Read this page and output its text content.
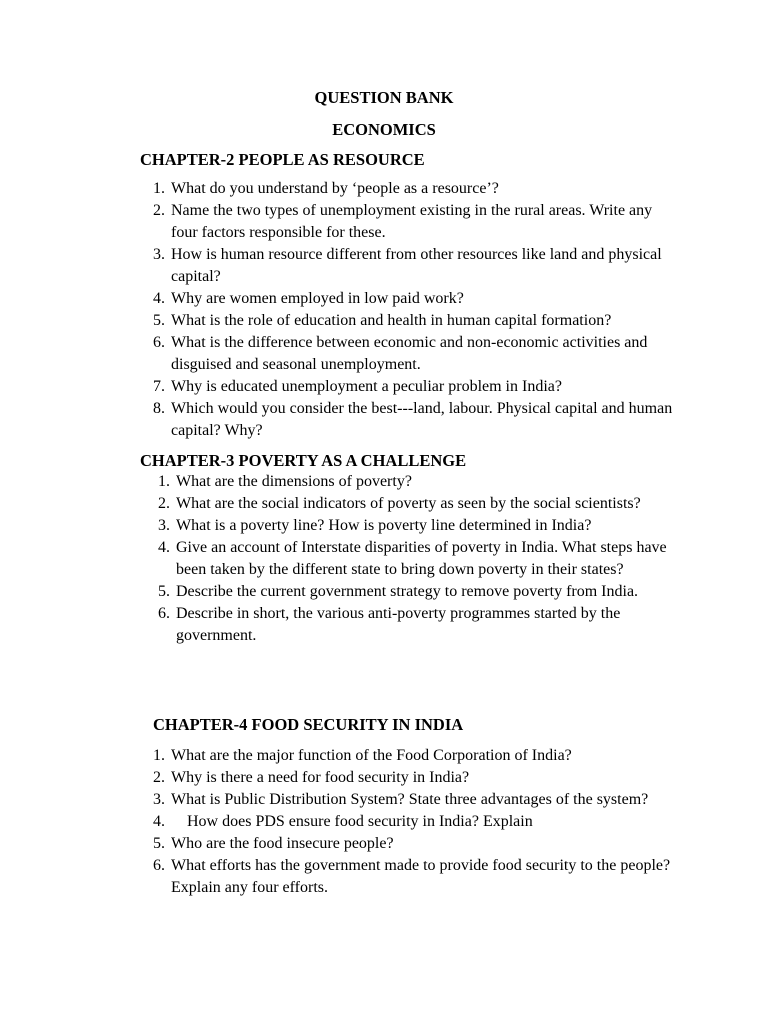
QUESTION BANK
ECONOMICS
CHAPTER-2 PEOPLE AS RESOURCE
1. What do you understand by ‘people as a resource’?
2. Name the two types of unemployment existing in the rural areas. Write any four factors responsible for these.
3. How is human resource different from other resources like land and physical capital?
4. Why are women employed in low paid work?
5. What is the role of education and health in human capital formation?
6. What is the difference between economic and non-economic activities and disguised and seasonal unemployment.
7. Why is educated unemployment a peculiar problem in India?
8. Which would you consider the best---land, labour. Physical capital and human capital? Why?
CHAPTER-3 POVERTY AS A CHALLENGE
1. What are the dimensions of poverty?
2. What are the social indicators of poverty as seen by the social scientists?
3. What is a poverty line? How is poverty line determined in India?
4. Give an account of Interstate disparities of poverty in India. What steps have been taken by the different state to bring down poverty in their states?
5. Describe the current government strategy to remove poverty from India.
6. Describe in short, the various anti-poverty programmes started by the government.
CHAPTER-4 FOOD SECURITY IN INDIA
1. What are the major function of the Food Corporation of India?
2. Why is there a need for food security in India?
3. What is Public Distribution System? State three advantages of the system?
4.	How does PDS ensure food security in India? Explain
5. Who are the food insecure people?
6. What efforts has the government made to provide food security to the people? Explain any four efforts.
